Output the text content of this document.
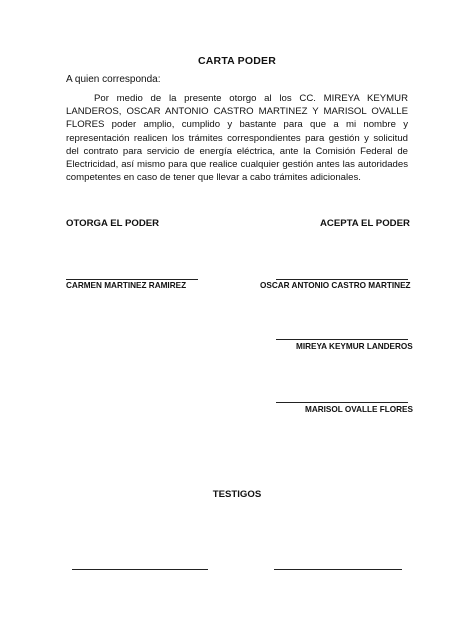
CARTA PODER
A quien corresponda:
Por medio de la presente otorgo al los CC. MIREYA KEYMUR LANDEROS, OSCAR ANTONIO CASTRO MARTINEZ Y MARISOL OVALLE FLORES poder amplio, cumplido y bastante para que a mi nombre y representación realicen los trámites correspondientes para gestión y solicitud del contrato para servicio de energía eléctrica, ante la Comisión Federal de Electricidad, así mismo para que realice cualquier gestión antes las autoridades competentes en caso de tener que llevar a cabo trámites adicionales.
OTORGA EL PODER	ACEPTA EL PODER
CARMEN MARTINEZ RAMIREZ	OSCAR ANTONIO CASTRO MARTINEZ
MIREYA KEYMUR LANDEROS
MARISOL OVALLE FLORES
TESTIGOS
